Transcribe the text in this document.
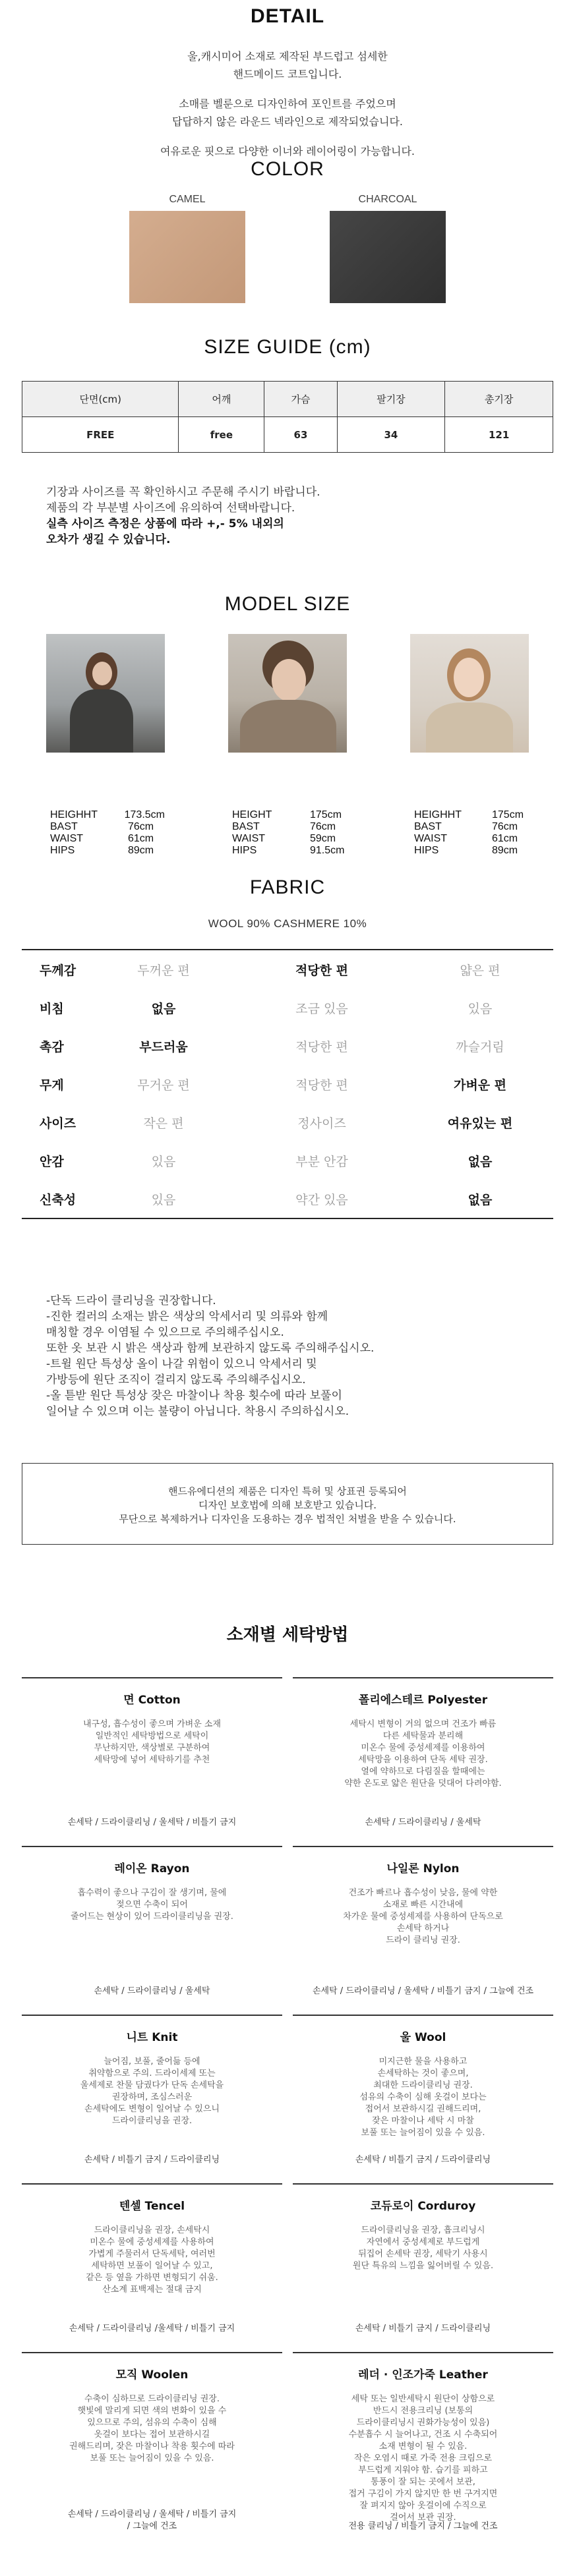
DETAIL
울,캐시미어 소재로 제작된 부드럽고 섬세한
핸드메이드 코트입니다.
소매를 벨룬으로 디자인하여 포인트를 주었으며
답답하지 않은 라운드 넥라인으로 제작되었습니다.
여유로운 핏으로 다양한 이너와 레이어링이 가능합니다.
COLOR
CAMEL	CHARCOAL
SIZE GUIDE (cm)
단면(cm)	어깨	가슴	팔기장	총기장
FREE	free	63	34	121
기장과 사이즈를 꼭 확인하시고 주문해 주시기 바랍니다.
제품의 각 부분별 사이즈에 유의하여 선택바랍니다.
실측 사이즈 측정은 상품에 따라 +,- 5% 내외의
오차가 생길 수 있습니다.
MODEL SIZE
HEIGHHT	173.5cm
BAST	76cm
WAIST	61cm
HIPS	89cm
HEIGHT	175cm
BAST	76cm
WAIST	59cm
HIPS	91.5cm
HEIGHHT	175cm
BAST	76cm
WAIST	61cm
HIPS	89cm
FABRIC
WOOL 90% CASHMERE 10%
두께감	두꺼운 편	적당한 편	얇은 편
비침	없음	조금 있음	있음
촉감	부드러움	적당한 편	까슬거림
무게	무거운 편	적당한 편	가벼운 편
사이즈	작은 편	정사이즈	여유있는 편
안감	있음	부분 안감	없음
신축성	있음	약간 있음	없음
-단독 드라이 클리닝을 권장합니다.
-진한 컬러의 소재는 밝은 색상의 악세서리 및 의류와 함께
매칭할 경우 이염될 수 있으므로 주의해주십시오.
또한 옷 보관 시 밝은 색상과 함께 보관하지 않도록 주의해주십시오.
-트윌 원단 특성상 올이 나갈 위험이 있으니 악세서리 및
가방등에 원단 조직이 걸리지 않도록 주의해주십시오.
-올 튿받 원단 특성상 잦은 마찰이나 착용 횟수에 따라 보풀이
일어날 수 있으며 이는 불량이 아닙니다. 착용시 주의하십시오.
핸드유에디션의 제품은 디자인 특허 및 상표권 등록되어
디자인 보호법에 의해 보호받고 있습니다.
무단으로 복제하거나 디자인을 도용하는 경우 법적인 처벌을 받을 수 있습니다.
소재별 세탁방법
면 Cotton
내구성, 흡수성이 좋으며 가벼운 소재
일반적인 세탁방법으로 세탁이
무난하지만, 색상별로 구분하여
세탁망에 넣어 세탁하기를 추천
손세탁 / 드라이클리닝 / 울세탁 / 비틀기 금지
폴리에스테르 Polyester
세탁시 변형이 거의 없으며 건조가 빠름
다른 세탁물과 분리해
미온수 물에 중성세제를 이용하여
세탁망을 이용하여 단독 세탁 권장.
열에 약하므로 다림질을 할때에는
약한 온도로 얇은 원단을 덧대어 다려야함.
손세탁 / 드라이클리닝 / 울세탁
레이온 Rayon
흡수력이 좋으나 구김이 잘 생기며, 물에
젖으면 수축이 되어
줄어드는 현상이 있어 드라이클리닝을 권장.
손세탁 / 드라이클리닝 / 울세탁
나일론 Nylon
건조가 빠르나 흡수성이 낮음, 물에 약한
소재로 빠른 시간내에
차가운 물에 중성세제를 사용하여 단독으로
손세탁 하거나
드라이 클리닝 권장.
손세탁 / 드라이클리닝 / 울세탁 / 비틀기 금지 / 그늘에 건조
니트 Knit
늘어짐, 보풀, 줄어듦 등에
취약함으로 주의. 드라이세제 또는
울세제로 찬물 담궜다가 단독 손세탁을
권장하며, 조심스러운
손세탁에도 변형이 일어날 수 있으니
드라이클리닝을 권장.
손세탁 / 비틀기 금지 / 드라이클리닝
울 Wool
미지근한 물을 사용하고
손세탁하는 것이 좋으며,
최대한 드라이클리닝 권장.
섬유의 수축이 심해 옷걸이 보다는
접어서 보관하시길 권해드리며,
잦은 마찰이나 세탁 시 마찰
보풀 또는 늘어짐이 있을 수 있음.
손세탁 / 비틀기 금지 / 드라이클리닝
텐셀 Tencel
드라이클리닝을 권장, 손세탁시
미온수 물에 중성세제를 사용하여
가볍게 주물러서 단독세탁, 여러번
세탁하면 보풀이 일어날 수 있고,
같은 등 옆을 가하면 변형되기 쉬움.
산소계 표백제는 절대 금지
손세탁 / 드라이클리닝 /울세탁 / 비틀기 금지
코듀로이 Corduroy
드라이클리닝을 권장, 흡크리닝시
자연에서 중성세제로 부드럽게
뒤집어 손세탁 권장, 세탁기 사용시
원단 특유의 느낌을 잃어버릴 수 있음.
손세탁 / 비틀기 금지 / 드라이클리닝
모직 Woolen
수축이 심하므로 드라이클리닝 권장.
햇빛에 말리게 되면 색의 변화이 있을 수
있으므로 주의, 섬유의 수축이 심해
옷걸이 보다는 접어 보관하시길
권해드리며, 잦은 마찰이나 착용 횟수에 따라
보풀 또는 늘어짐이 있을 수 있음.
손세탁 / 드라이클리닝 / 울세탁 / 비틀기 금지
/ 그늘에 건조
레더 · 인조가죽 Leather
세탁 또는 일반세탁시 원단이 상함으로
반드시 전용크리닝 (보통의
드라이클리닝시 권화가능성이 있음)
수분흡수 시 늘어나고, 건조 시 수축되어
소재 변형이 될 수 있음.
작은 오염시 때로 가죽 전용 크림으로
부드럽게 지워야 함. 습기를 피하고
통풍이 잘 되는 곳에서 보관,
접거 구김이 가지 않지만 한 번 구겨지면
잘 펴지지 않아 옷걸이에 수직으로
걸어서 보관 권장.
전용 클리닝 / 비틀기 금지 / 그늘에 건조
